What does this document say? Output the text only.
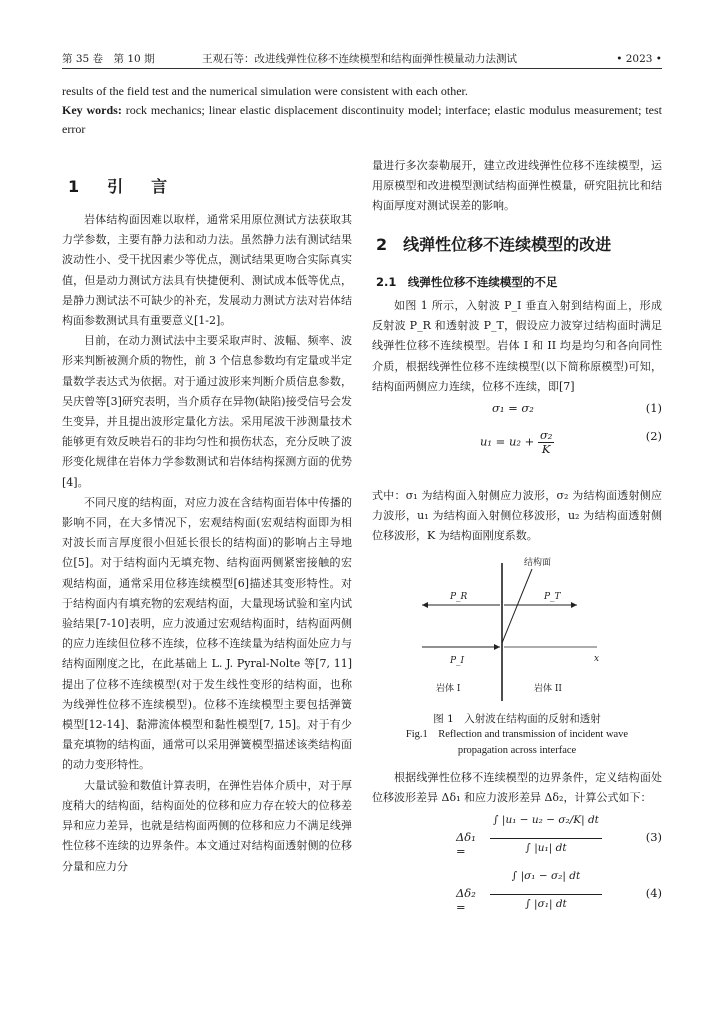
第 35 卷　第 10 期	王观石等：改进线弹性位移不连续模型和结构面弹性模量动力法测试	• 2023 •

results of the field test and the numerical simulation were consistent with each other.

Key words: rock mechanics; linear elastic displacement discontinuity model; interface; elastic modulus measurement; test error

1　引　言

岩体结构面因难以取样，通常采用原位测试方法获取其力学参数，主要有静力法和动力法。虽然静力法有测试结果波动性小、受干扰因素少等优点，测试结果更吻合实际真实值，但是动力测试方法具有快捷便利、测试成本低等优点，是静力测试法不可缺少的补充，发展动力测试方法对岩体结构面参数测试具有重要意义[1-2]。

目前，在动力测试法中主要采取声时、波幅、频率、波形来判断被测介质的物性，前 3 个信息参数均有定量或半定量数学表达式为依据。对于通过波形来判断介质信息参数，吴庆曾等[3]研究表明，当介质存在异物(缺陷)接受信号会发生变异，并且提出波形定量化方法。采用尾波干涉测量技术能够更有效反映岩石的非均匀性和损伤状态，充分反映了波形变化规律在岩体力学参数测试和岩体结构探测方面的优势[4]。

不同尺度的结构面，对应力波在含结构面岩体中传播的影响不同，在大多情况下，宏观结构面(宏观结构面即为相对波长而言厚度很小但延长很长的结构面)的影响占主导地位[5]。对于结构面内无填充物、结构面两侧紧密接触的宏观结构面，通常采用位移连续模型[6]描述其变形特性。对于结构面内有填充物的宏观结构面，大量现场试验和室内试验结果[7-10]表明，应力波通过宏观结构面时，结构面两侧的应力连续但位移不连续，位移不连续量为结构面处应力与结构面刚度之比，在此基础上 L. J. Pyral-Nolte 等[7, 11]提出了位移不连续模型(对于发生线性变形的结构面，也称为线弹性位移不连续模型)。位移不连续模型主要包括弹簧模型[12-14]、黏滞流体模型和黏性模型[7, 15]。对于有少量充填物的结构面，通常可以采用弹簧模型描述该类结构面的动力变形特性。

大量试验和数值计算表明，在弹性岩体介质中，对于厚度稍大的结构面，结构面处的位移和应力存在较大的位移差异和应力差异，也就是结构面两侧的位移和应力不满足线弹性位移不连续的边界条件。本文通过对结构面透射侧的位移分量和应力分

量进行多次泰勒展开，建立改进线弹性位移不连续模型，运用原模型和改进模型测试结构面弹性模量，研究阻抗比和结构面厚度对测试误差的影响。

2　线弹性位移不连续模型的改进
2.1　线弹性位移不连续模型的不足

如图 1 所示，入射波 P_I 垂直入射到结构面上，形成反射波 P_R 和透射波 P_T，假设应力波穿过结构面时满足线弹性位移不连续模型。岩体 I 和 II 均是均匀和各向同性介质，根据线弹性位移不连续模型(以下简称原模型)可知，结构面两侧应力连续，位移不连续，即[7]

σ₁ = σ₂	(1)
$u_1 = u_2 + \frac{\text{σ₂}}{K}$	(2)

式中：σ₁ 为结构面入射侧应力波形，σ₂ 为结构面透射侧应力波形，u₁ 为结构面入射侧位移波形，u₂ 为结构面透射侧位移波形，K 为结构面刚度系数。

结构面
P_R	P_T
P_I	x
岩体 I	岩体 II
图 1　入射波在结构面的反射和透射
Fig.1　Reflection and transmission of incident wave
propagation across interface

根据线弹性位移不连续模型的边界条件，定义结构面处位移波形差异 Δδ₁ 和应力波形差异 Δδ₂，计算公式如下：

Δδ₁ =
∫ |u₁ − u₂ − σ₂/K| dt
∫ |u₁| dt
(3)
Δδ₂ =
∫ |σ₁ − σ₂| dt
∫ |σ₁| dt
(4)
